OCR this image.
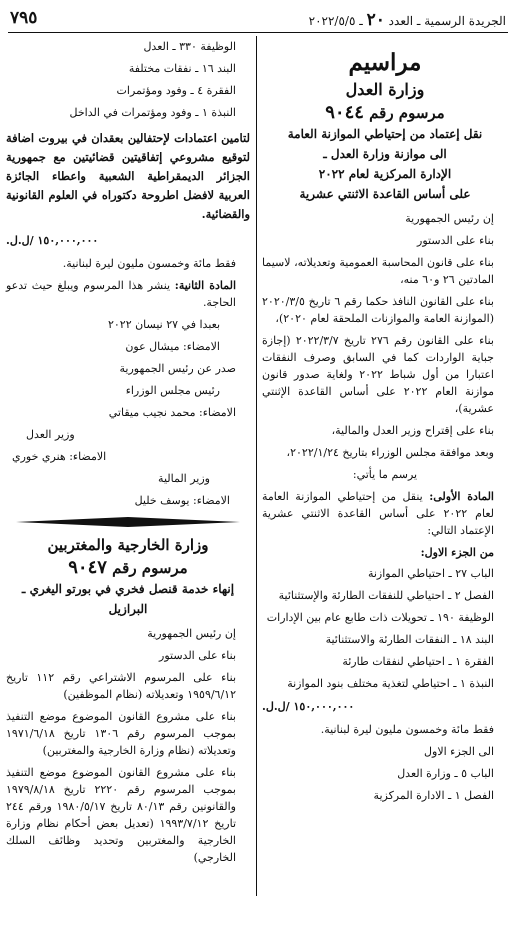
٧٩٥	الجريدة الرسمية ـ العدد ٢٠ ـ ٢٠٢٢/٥/٥
مراسيم
وزارة العدل
مرسوم رقم ٩٠٤٤
نقل إعتماد من إحتياطي الموازنة العامة
الى موازنة وزارة العدل ـ
الإدارة المركزية لعام ٢٠٢٢
على أساس القاعدة الاثنتي عشرية

إن رئيس الجمهورية

بناء على الدستور

بناء على قانون المحاسبة العمومية وتعديلاته، لاسيما المادتين ٢٦ و٦٠ منه،

بناء على القانون النافذ حكما رقم ٦ تاريخ ٢٠٢٠/٣/٥ (الموازنة العامة والموازنات الملحقة لعام ٢٠٢٠)،

بناء على القانون رقم ٢٧٦ تاريخ ٢٠٢٢/٣/٧ (إجازة جباية الواردات كما في السابق وصرف النفقات اعتبارا من أول شباط ٢٠٢٢ ولغاية صدور قانون موازنة العام ٢٠٢٢ على أساس القاعدة الإثنتي عشرية)،

بناء على إقتراح وزير العدل والمالية،

وبعد موافقة مجلس الوزراء بتاريخ ٢٠٢٢/١/٢٤،

يرسم ما يأتي:

المادة الأولى: ينقل من إحتياطي الموازنة العامة لعام ٢٠٢٢ على أساس القاعدة الاثنتي عشرية الإعتماد التالي:

من الجزء الاول:

الباب ٢٧ ـ احتياطي الموازنة

الفصل ٢ ـ احتياطي للنفقات الطارئة والإستثنائية

الوظيفة ١٩٠ ـ تحويلات ذات طابع عام بين الإدارات

البند ١٨ ـ النفقات الطارئة والاستثنائية

الفقرة ١ ـ احتياطي لنفقات طارئة

النبذة ١ ـ احتياطي لتغذية مختلف بنود الموازنة

١٥٠,٠٠٠,٠٠٠ /ل.ل.

فقط مائة وخمسون مليون ليرة لبنانية.

الى الجزء الاول

الباب ٥ ـ وزارة العدل

الفصل ١ ـ الادارة المركزية

الوظيفة ٣٣٠ ـ العدل

البند ١٦ ـ نفقات مختلفة

الفقرة ٤ ـ وفود ومؤتمرات

النبذة ١ ـ وفود ومؤتمرات في الداخل

لتامين اعتمادات لإحتفالين بعقدان في بيروت اضافة لتوقيع مشروعي إتفاقيتين قضائيتين مع جمهورية الجزائر الديمقراطية الشعبية واعطاء الجائزة العربية لافضل اطروحة دكتوراه في العلوم القانونية والقضائية.
١٥٠,٠٠٠,٠٠٠ /ل.ل.

فقط مائة وخمسون مليون ليرة لبنانية.

المادة الثانية: ينشر هذا المرسوم ويبلغ حيث تدعو الحاجة.

بعبدا في ٢٧ نيسان ٢٠٢٢

الامضاء: ميشال عون

صدر عن رئيس الجمهورية

رئيس مجلس الوزراء

الامضاء: محمد نجيب ميقاتي

وزير العدل

الامضاء: هنري خوري

وزير المالية

الامضاء: يوسف خليل

وزارة الخارجية والمغتربين
مرسوم رقم ٩٠٤٧
إنهاء خدمة قنصل فخري في بورتو اليغري ـ البرازيل

إن رئيس الجمهورية

بناء على الدستور

بناء على المرسوم الاشتراعي رقم ١١٢ تاريخ ١٩٥٩/٦/١٢ وتعديلاته (نظام الموظفين)

بناء على مشروع القانون الموضوع موضع التنفيذ بموجب المرسوم رقم ١٣٠٦ تاريخ ١٩٧١/٦/١٨ وتعديلاته (نظام وزارة الخارجية والمغتربين)

بناء على مشروع القانون الموضوع موضع التنفيذ بموجب المرسوم رقم ٢٢٢٠ تاريخ ١٩٧٩/٨/١٨ والقانونين رقم ٨٠/١٣ تاريخ ١٩٨٠/٥/١٧ ورقم ٢٤٤ تاريخ ١٩٩٣/٧/١٢ (تعديل بعض أحكام نظام وزارة الخارجية والمغتربين وتحديد وظائف السلك الخارجي)
